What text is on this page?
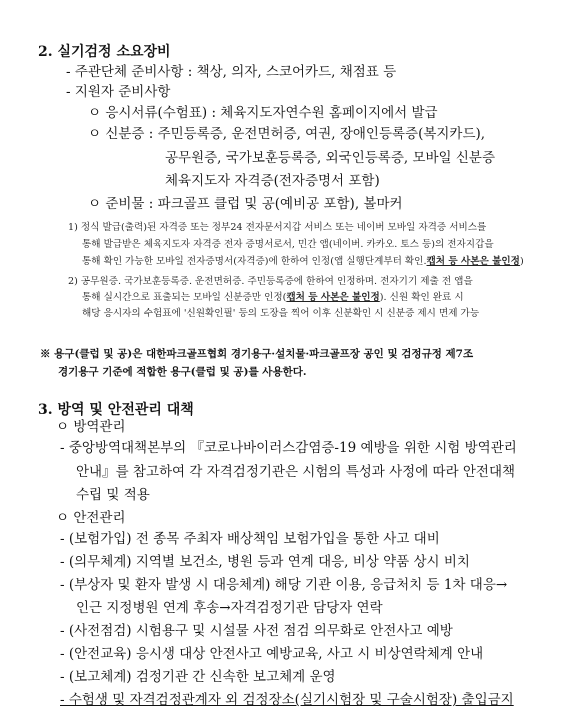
2. 실기검정 소요장비
- 주관단체 준비사항 : 책상, 의자, 스코어카드, 채점표 등
- 지원자 준비사항
ㅇ 응시서류(수험표) : 체육지도자연수원 홈페이지에서 발급
ㅇ 신분증 : 주민등록증, 운전면허증, 여권, 장애인등록증(복지카드),
공무원증, 국가보훈등록증, 외국인등록증, 모바일 신분증
체육지도자 자격증(전자증명서 포함)
ㅇ 준비물 : 파크골프 클럽 및 공(예비공 포함), 볼마커
1) 정식 발급(출력)된 자격증 또는 정부24 전자문서지갑 서비스 또는 네이버 모바일 자격증 서비스를
통해 발급받은 체육지도자 자격증 전자 증명서로서, 민간 앱(네이버. 카카오. 토스 등)의 전자지갑을
통해 확인 가능한 모바일 전자증명서(자격증)에 한하여 인정(앱 실행단계부터 확인.캡처 등 사본은 불인정)
2) 공무원증. 국가보훈등록증. 운전면허증. 주민등록증에 한하여 인정하며. 전자기기 제출 전 앱을
통해 실시간으로 표출되는 모바일 신분증만 인정(캡처 등 사본은 불인정). 신원 확인 완료 시
해당 응시자의 수험표에 '신원확인필' 등의 도장을 찍어 이후 신분확인 시 신분증 제시 면제 가능
※ 용구(클럽 및 공)은 대한파크골프협회 경기용구·설치물·파크골프장 공인 및 검정규정 제7조
경기용구 기준에 적합한 용구(클럽 및 공)를 사용한다.
3. 방역 및 안전관리 대책
ㅇ 방역관리
- 중앙방역대책본부의 『코로나바이러스감염증-19 예방을 위한 시험 방역관리
안내』를 참고하여 각 자격검정기관은 시험의 특성과 사정에 따라 안전대책
수립 및 적용
ㅇ 안전관리
- (보험가입) 전 종목 주최자 배상책임 보험가입을 통한 사고 대비
- (의무체계) 지역별 보건소, 병원 등과 연계 대응, 비상 약품 상시 비치
- (부상자 및 환자 발생 시 대응체계) 해당 기관 이용, 응급처치 등 1차 대응→
인근 지정병원 연계 후송→자격검정기관 담당자 연락
- (사전점검) 시험용구 및 시설물 사전 점검 의무화로 안전사고 예방
- (안전교육) 응시생 대상 안전사고 예방교육, 사고 시 비상연락체계 안내
- (보고체계) 검정기관 간 신속한 보고체계 운영
- 수험생 및 자격검정관계자 외 검정장소(실기시험장 및 구술시험장) 출입금지
